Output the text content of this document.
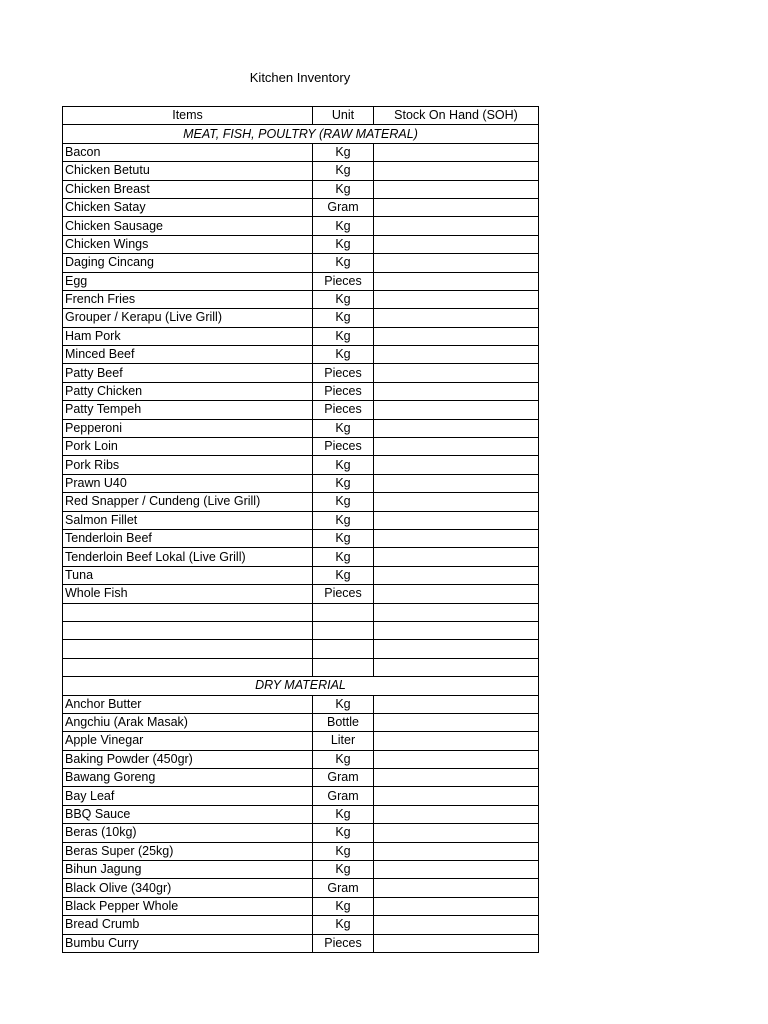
Kitchen Inventory
Items	Unit	Stock On Hand (SOH)
MEAT, FISH, POULTRY (RAW MATERAL)		
Bacon	Kg	
Chicken Betutu	Kg	
Chicken Breast	Kg	
Chicken Satay	Gram	
Chicken Sausage	Kg	
Chicken Wings	Kg	
Daging Cincang	Kg	
Egg	Pieces	
French Fries	Kg	
Grouper / Kerapu (Live Grill)	Kg	
Ham Pork	Kg	
Minced Beef	Kg	
Patty Beef	Pieces	
Patty Chicken	Pieces	
Patty Tempeh	Pieces	
Pepperoni	Kg	
Pork Loin	Pieces	
Pork Ribs	Kg	
Prawn U40	Kg	
Red Snapper / Cundeng (Live Grill)	Kg	
Salmon Fillet	Kg	
Tenderloin Beef	Kg	
Tenderloin Beef Lokal (Live Grill)	Kg	
Tuna	Kg	
Whole Fish	Pieces	

DRY MATERIAL		
Anchor Butter	Kg	
Angchiu (Arak Masak)	Bottle	
Apple Vinegar	Liter	
Baking Powder (450gr)	Kg	
Bawang Goreng	Gram	
Bay Leaf	Gram	
BBQ Sauce	Kg	
Beras (10kg)	Kg	
Beras Super (25kg)	Kg	
Bihun Jagung	Kg	
Black Olive (340gr)	Gram	
Black Pepper Whole	Kg	
Bread Crumb	Kg	
Bumbu Curry	Pieces	
